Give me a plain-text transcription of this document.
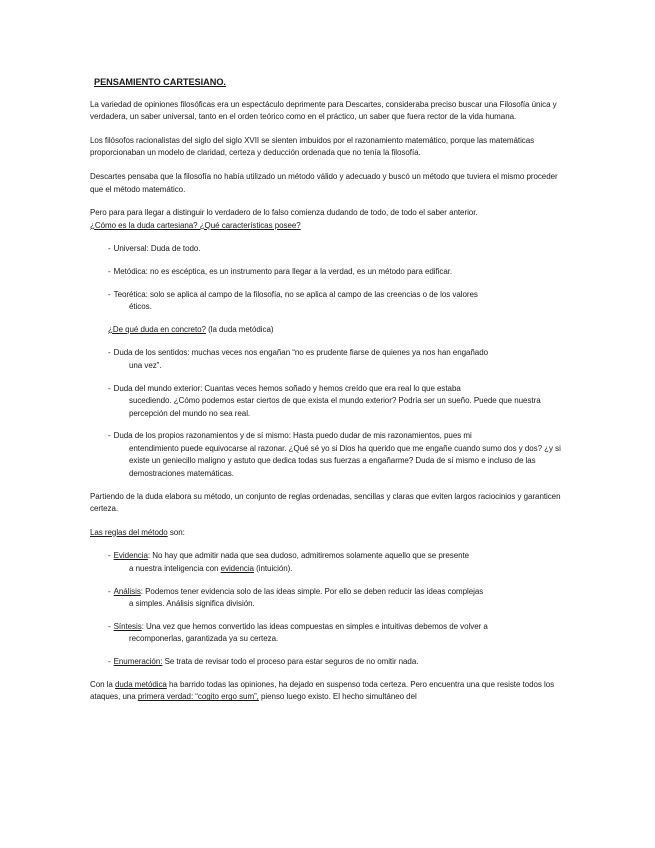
PENSAMIENTO CARTESIANO.

La variedad de opiniones filosóficas era un espectáculo deprimente para Descartes, consideraba preciso buscar una Filosofía única y verdadera, un saber universal, tanto en el orden teórico como en el práctico, un saber que fuera rector de la vida humana.

Los filósofos racionalistas del siglo del siglo XVII se sienten imbuidos por el razonamiento matemático, porque las matemáticas proporcionaban un modelo de claridad, certeza y deducción ordenada que no tenía la filosofía.

Descartes pensaba que la filosofía no había utilizado un método válido y adecuado y buscó un método que tuviera el mismo proceder que el método matemático.

Pero para para llegar a distinguir lo verdadero de lo falso comienza dudando de todo, de todo el saber anterior.

¿Cómo es la duda cartesiana? ¿Qué características posee?

- Universal: Duda de todo.
- Metódica: no es escéptica, es un instrumento para llegar a la verdad, es un método para edificar.
- Teorética: solo se aplica al campo de la filosofía, no se aplica al campo de las creencias o de los valores
éticos.

¿De qué duda en concreto? (la duda metódica)

- Duda de los sentidos: muchas veces nos engañan “no es prudente fiarse de quienes ya nos han engañado
una vez”.
- Duda del mundo exterior: Cuantas veces hemos soñado y hemos creído que era real lo que estaba
sucediendo. ¿Cómo podemos estar ciertos de que exista el mundo exterior? Podría ser un sueño. Puede que nuestra percepción del mundo no sea real.
- Duda de los propios razonamientos y de sí mismo: Hasta puedo dudar de mis razonamientos, pues mi
entendimiento puede equivocarse al razonar. ¿Qué sé yo si Dios ha querido que me engañe cuando sumo dos y dos? ¿y si existe un geniecillo maligno y astuto que dedica todas sus fuerzas a engañarme? Duda de sí mismo e incluso de las demostraciones matemáticas.

Partiendo de la duda elabora su método, un conjunto de reglas ordenadas, sencillas y claras que eviten largos raciocinios y garanticen certeza.

Las reglas del método son:

- Evidencia: No hay que admitir nada que sea dudoso, admitiremos solamente aquello que se presente
a nuestra inteligencia con evidencia (intuición).
- Análisis: Podemos tener evidencia solo de las ideas simple. Por ello se deben reducir las ideas complejas
a simples. Análisis significa división.
- Síntesis: Una vez que hemos convertido las ideas compuestas en simples e intuitivas debemos de volver a
recomponerlas, garantizada ya su certeza.
- Enumeración: Se trata de revisar todo el proceso para estar seguros de no omitir nada.

Con la duda metódica ha barrido todas las opiniones, ha dejado en suspenso toda certeza. Pero encuentra una que resiste todos los ataques, una primera verdad: “cogito ergo sum”, pienso luego existo. El hecho simultáneo del
